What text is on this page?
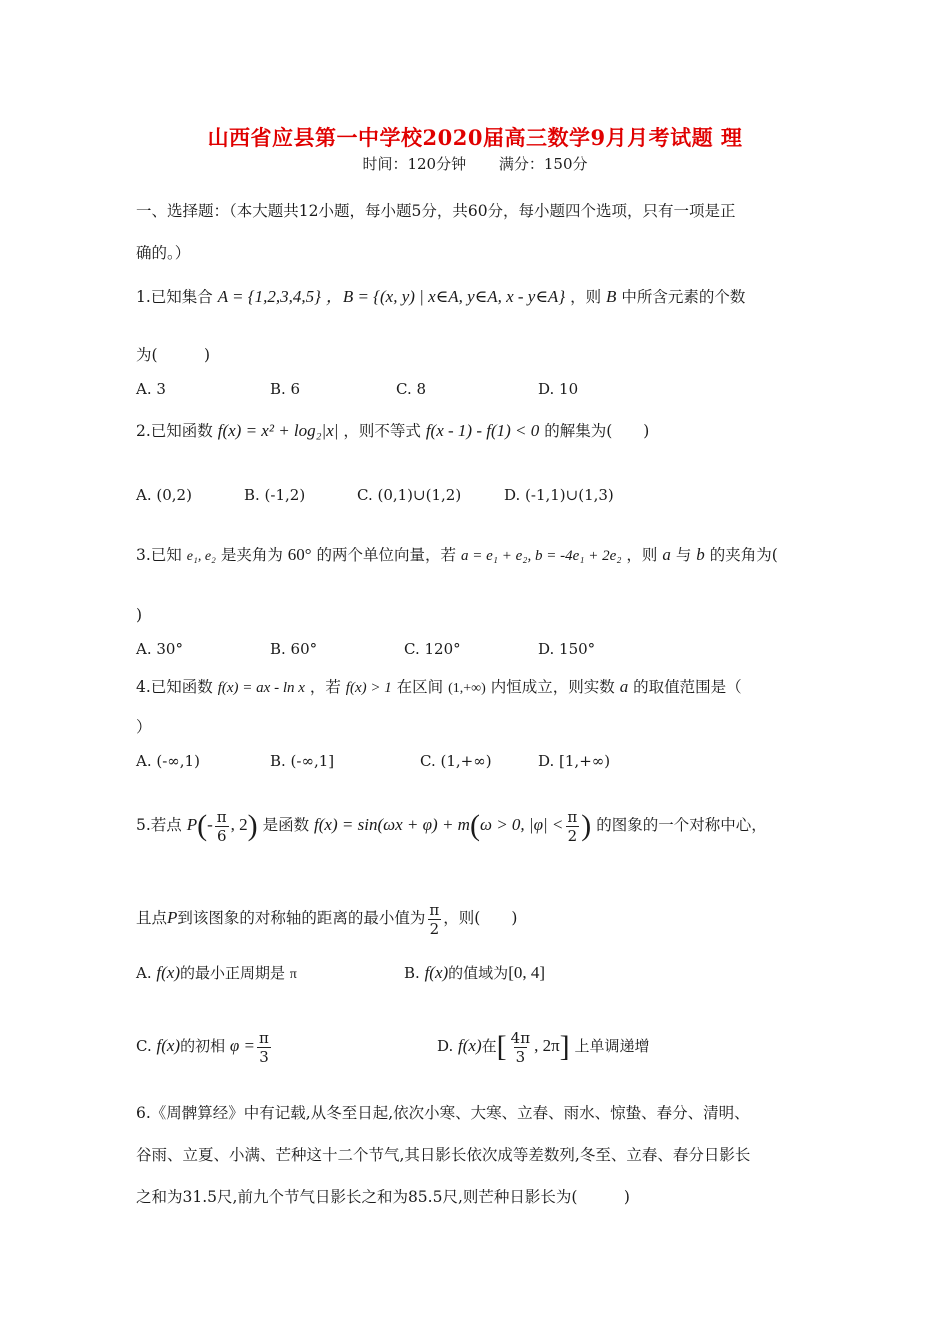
山西省应县第一中学校2020届高三数学9月月考试题 理
时间：120分钟 满分：150分
一、选择题：（本大题共12小题，每小题5分，共60分，每小题四个选项，只有一项是正
确的。）
1.已知集合 A = {1,2,3,4,5} ，B = {(x, y) | x∈A, y∈A, x - y∈A} ，则 B 中所含元素的个数
为(　　　)
A. 3	B. 6	C. 8	D. 10
2.已知函数 f(x) = x² + log₂|x| ，则不等式 f(x - 1) - f(1) < 0 的解集为(　　)
A. (0,2)	B. (-1,2)	C. (0,1)∪(1,2)	D. (-1,1)∪(1,3)
3.已知 e₁, e₂ 是夹角为 60° 的两个单位向量，若 a = e₁ + e₂, b = -4e₁ + 2e₂ ，则 a 与 b 的夹角为(
)
A. 30°	B. 60°	C. 120°	D. 150°
4.已知函数 f(x) = ax - ln x ，若 f(x) > 1 在区间 (1,+∞) 内恒成立，则实数 a 的取值范围是（
）
A. (-∞,1)	B. (-∞,1]	C. (1,+∞)	D. [1,+∞)
5.若点 $P(- \frac{\pi}{6}$ , 2) 是函数 f(x) = sin(ωx + φ) + m(ω > 0, $|\varphi| < \frac{\pi}{2}$ ) 的图象的一个对称中心，
且点P到该图象的对称轴的距离的最小值为 $\frac{\pi}{2}$ ，则(　　)
A. f(x)的最小正周期是 π	B. f(x)的值域为[0, 4]
C. f(x)的初相 $\varphi = \frac{\pi}{3}$	D. f(x)在[ $\frac{4\pi}{3}$ , 2π] 上单调递增
6.《周髀算经》中有记载,从冬至日起,依次小寒、大寒、立春、雨水、惊蛰、春分、清明、
谷雨、立夏、小满、芒种这十二个节气,其日影长依次成等差数列,冬至、立春、春分日影长
之和为31.5尺,前九个节气日影长之和为85.5尺,则芒种日影长为(　　　)
